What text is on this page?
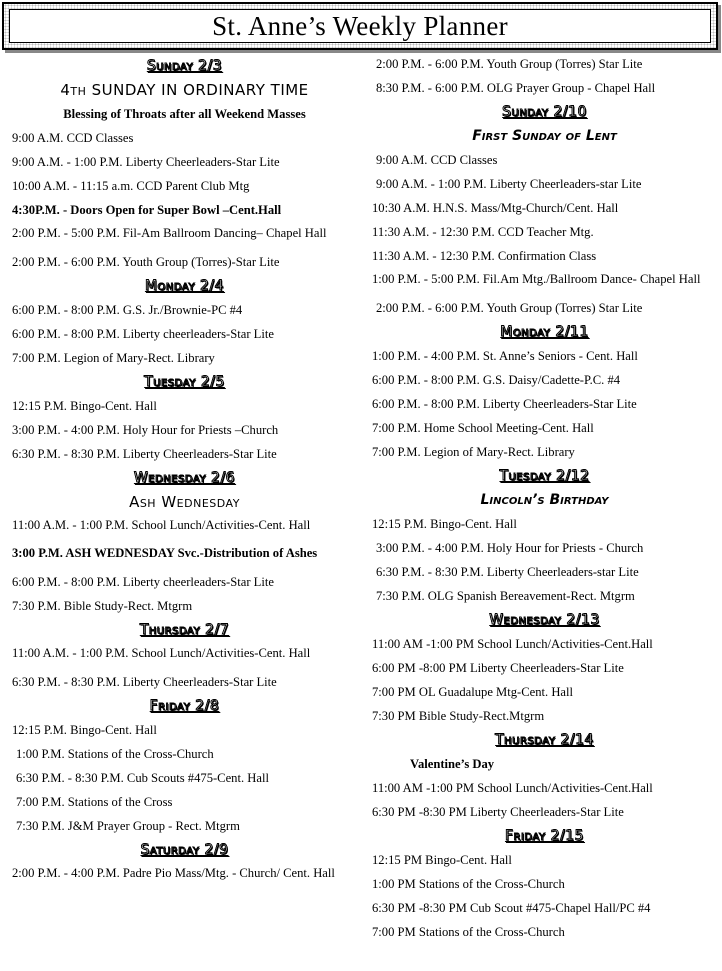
St. Anne’s Weekly Planner
Sunday 2/3
4th SUNDAY IN ORDINARY TIME
Blessing of Throats after all Weekend Masses
9:00 A.M. CCD Classes
9:00 A.M. - 1:00 P.M. Liberty Cheerleaders-Star Lite
10:00 A.M. - 11:15 a.m. CCD Parent Club Mtg
4:30P.M. - Doors Open for Super Bowl –Cent.Hall
2:00 P.M. - 5:00 P.M. Fil-Am Ballroom Dancing– Chapel Hall
2:00 P.M. - 6:00 P.M. Youth Group (Torres)-Star Lite
Monday 2/4
6:00 P.M. - 8:00 P.M. G.S. Jr./Brownie-PC #4
6:00 P.M. - 8:00 P.M. Liberty cheerleaders-Star Lite
7:00 P.M. Legion of Mary-Rect. Library
Tuesday 2/5
12:15 P.M. Bingo-Cent. Hall
3:00 P.M. - 4:00 P.M. Holy Hour for Priests –Church
6:30 P.M. - 8:30 P.M. Liberty Cheerleaders-Star Lite
Wednesday 2/6
Ash Wednesday
11:00 A.M. - 1:00 P.M. School Lunch/Activities-Cent. Hall
3:00 P.M. ASH WEDNESDAY Svc.-Distribution of Ashes
6:00 P.M. - 8:00 P.M. Liberty cheerleaders-Star Lite
7:30 P.M. Bible Study-Rect. Mtgrm
Thursday 2/7
11:00 A.M. - 1:00 P.M. School Lunch/Activities-Cent. Hall
6:30 P.M. - 8:30 P.M. Liberty Cheerleaders-Star Lite
Friday 2/8
12:15 P.M. Bingo-Cent. Hall
1:00 P.M. Stations of the Cross-Church
6:30 P.M. - 8:30 P.M. Cub Scouts #475-Cent. Hall
7:00 P.M. Stations of the Cross
7:30 P.M. J&M Prayer Group - Rect. Mtgrm
Saturday 2/9
2:00 P.M. - 4:00 P.M. Padre Pio Mass/Mtg. - Church/ Cent. Hall
2:00 P.M. - 6:00 P.M. Youth Group (Torres) Star Lite
8:30 P.M. - 6:00 P.M. OLG Prayer Group - Chapel Hall
Sunday 2/10
First Sunday of Lent
9:00 A.M. CCD Classes
9:00 A.M. - 1:00 P.M. Liberty Cheerleaders-star Lite
10:30 A.M. H.N.S. Mass/Mtg-Church/Cent. Hall
11:30 A.M. - 12:30 P.M. CCD Teacher Mtg.
11:30 A.M. - 12:30 P.M. Confirmation Class
1:00 P.M. - 5:00 P.M. Fil.Am Mtg./Ballroom Dance- Chapel Hall
2:00 P.M. - 6:00 P.M. Youth Group (Torres) Star Lite
Monday 2/11
1:00 P.M. - 4:00 P.M. St. Anne’s Seniors - Cent. Hall
6:00 P.M. - 8:00 P.M. G.S. Daisy/Cadette-P.C. #4
6:00 P.M. - 8:00 P.M. Liberty Cheerleaders-Star Lite
7:00 P.M. Home School Meeting-Cent. Hall
7:00 P.M. Legion of Mary-Rect. Library
Tuesday 2/12
Lincoln’s Birthday
12:15 P.M. Bingo-Cent. Hall
3:00 P.M. - 4:00 P.M. Holy Hour for Priests - Church
6:30 P.M. - 8:30 P.M. Liberty Cheerleaders-star Lite
7:30 P.M. OLG Spanish Bereavement-Rect. Mtgrm
Wednesday 2/13
11:00 AM -1:00 PM School Lunch/Activities-Cent.Hall
6:00 PM -8:00 PM Liberty Cheerleaders-Star Lite
7:00 PM OL Guadalupe Mtg-Cent. Hall
7:30 PM Bible Study-Rect.Mtgrm
Thursday 2/14
Valentine’s Day
11:00 AM -1:00 PM School Lunch/Activities-Cent.Hall
6:30 PM -8:30 PM Liberty Cheerleaders-Star Lite
Friday 2/15
12:15 PM Bingo-Cent. Hall
1:00 PM Stations of the Cross-Church
6:30 PM -8:30 PM Cub Scout #475-Chapel Hall/PC #4
7:00 PM Stations of the Cross-Church
